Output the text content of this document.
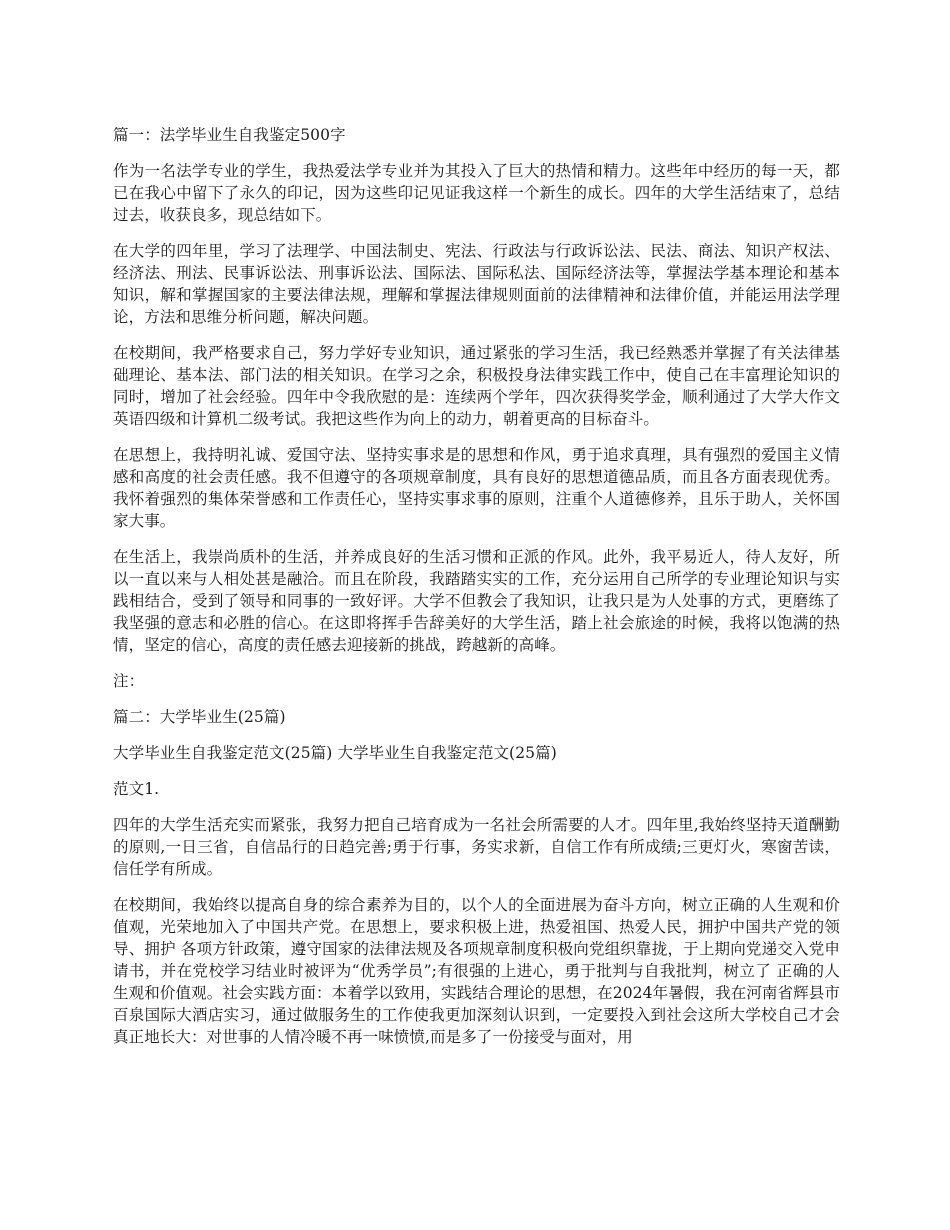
篇一：法学毕业生自我鉴定500字

作为一名法学专业的学生，我热爱法学专业并为其投入了巨大的热情和精力。这些年中经历的每一天，都已在我心中留下了永久的印记，因为这些印记见证我这样一个新生的成长。四年的大学生活结束了，总结过去，收获良多，现总结如下。

在大学的四年里，学习了法理学、中国法制史、宪法、行政法与行政诉讼法、民法、商法、知识产权法、经济法、刑法、民事诉讼法、刑事诉讼法、国际法、国际私法、国际经济法等，掌握法学基本理论和基本知识，解和掌握国家的主要法律法规，理解和掌握法律规则面前的法律精神和法律价值，并能运用法学理论，方法和思维分析问题，解决问题。

在校期间，我严格要求自己，努力学好专业知识，通过紧张的学习生活，我已经熟悉并掌握了有关法律基础理论、基本法、部门法的相关知识。在学习之余，积极投身法律实践工作中，使自己在丰富理论知识的同时，增加了社会经验。四年中令我欣慰的是：连续两个学年，四次获得奖学金，顺利通过了大学大作文英语四级和计算机二级考试。我把这些作为向上的动力，朝着更高的目标奋斗。

在思想上，我持明礼诚、爱国守法、坚持实事求是的思想和作风，勇于追求真理，具有强烈的爱国主义情感和高度的社会责任感。我不但遵守的各项规章制度，具有良好的思想道德品质，而且各方面表现优秀。我怀着强烈的集体荣誉感和工作责任心，坚持实事求事的原则，注重个人道德修养，且乐于助人，关怀国家大事。

在生活上，我崇尚质朴的生活，并养成良好的生活习惯和正派的作风。此外，我平易近人，待人友好，所以一直以来与人相处甚是融洽。而且在阶段，我踏踏实实的工作，充分运用自己所学的专业理论知识与实践相结合，受到了领导和同事的一致好评。大学不但教会了我知识，让我只是为人处事的方式，更磨练了我坚强的意志和必胜的信心。在这即将挥手告辞美好的大学生活，踏上社会旅途的时候，我将以饱满的热情，坚定的信心，高度的责任感去迎接新的挑战，跨越新的高峰。

注：

篇二：大学毕业生(25篇)

大学毕业生自我鉴定范文(25篇) 大学毕业生自我鉴定范文(25篇)

范文1.

四年的大学生活充实而紧张，我努力把自己培育成为一名社会所需要的人才。四年里,我始终坚持天道酬勤的原则,一日三省，自信品行的日趋完善;勇于行事，务实求新，自信工作有所成绩;三更灯火，寒窗苦读，信任学有所成。

在校期间，我始终以提高自身的综合素养为目的，以个人的全面进展为奋斗方向，树立正确的人生观和价值观，光荣地加入了中国共产党。在思想上，要求积极上进，热爱祖国、热爱人民，拥护中国共产党的领导、拥护 各项方针政策，遵守国家的法律法规及各项规章制度积极向党组织靠拢，于上期向党递交入党申请书，并在党校学习结业时被评为“优秀学员”;有很强的上进心，勇于批判与自我批判，树立了 正确的人生观和价值观。社会实践方面：本着学以致用，实践结合理论的思想，在2024年暑假，我在河南省辉县市百泉国际大酒店实习，通过做服务生的工作使我更加深刻认识到，一定要投入到社会这所大学校自己才会真正地长大：对世事的人情冷暖不再一味愤愤,而是多了一份接受与面对，用
